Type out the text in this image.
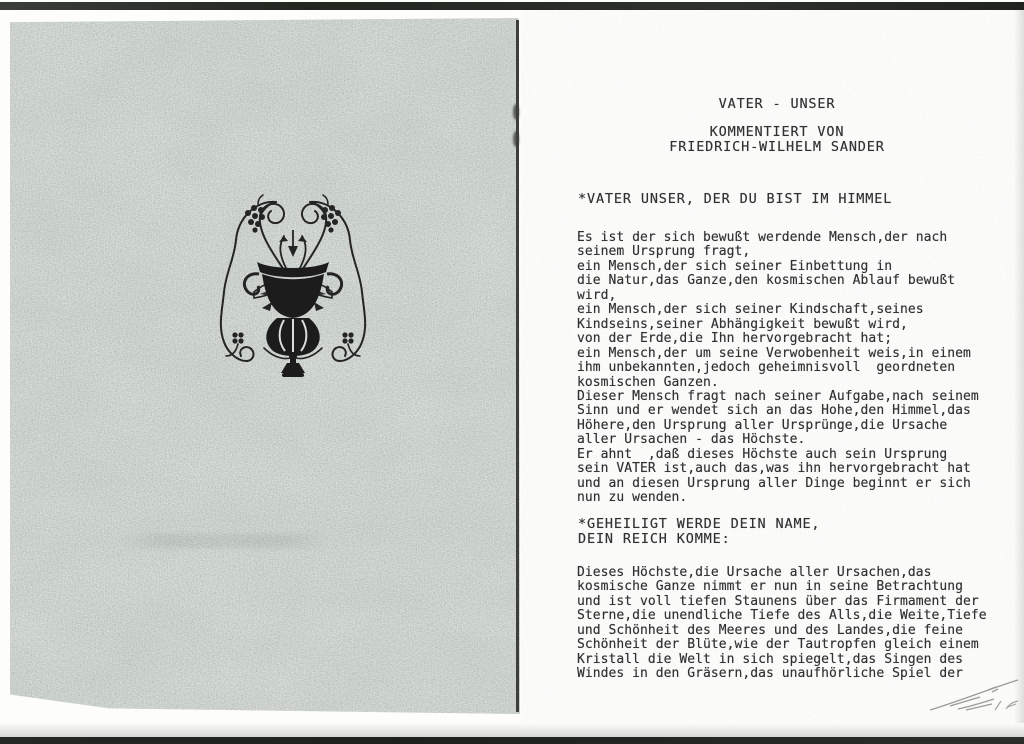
VATER - UNSER
KOMMENTIERT VON
FRIEDRICH-WILHELM SANDER
*VATER UNSER, DER DU BIST IM HIMMEL
Es ist der sich bewußt werdende Mensch,der nach
seinem Ursprung fragt,
ein Mensch,der sich seiner Einbettung in
die Natur,das Ganze,den kosmischen Ablauf bewußt
wird,
ein Mensch,der sich seiner Kindschaft,seines
Kindseins,seiner Abhängigkeit bewußt wird,
von der Erde,die Ihn hervorgebracht hat;
ein Mensch,der um seine Verwobenheit weis,in einem
ihm unbekannten,jedoch geheimnisvoll  geordneten
kosmischen Ganzen.
Dieser Mensch fragt nach seiner Aufgabe,nach seinem
Sinn und er wendet sich an das Hohe,den Himmel,das
Höhere,den Ursprung aller Ursprünge,die Ursache
aller Ursachen - das Höchste.
Er ahnt  ,daß dieses Höchste auch sein Ursprung
sein VATER ist,auch das,was ihn hervorgebracht hat
und an diesen Ursprung aller Dinge beginnt er sich
nun zu wenden.
*GEHEILIGT WERDE DEIN NAME,
DEIN REICH KOMME:
Dieses Höchste,die Ursache aller Ursachen,das
kosmische Ganze nimmt er nun in seine Betrachtung
und ist voll tiefen Staunens über das Firmament der
Sterne,die unendliche Tiefe des Alls,die Weite,Tiefe
und Schönheit des Meeres und des Landes,die feine
Schönheit der Blüte,wie der Tautropfen gleich einem
Kristall die Welt in sich spiegelt,das Singen des
Windes in den Gräsern,das unaufhörliche Spiel der
